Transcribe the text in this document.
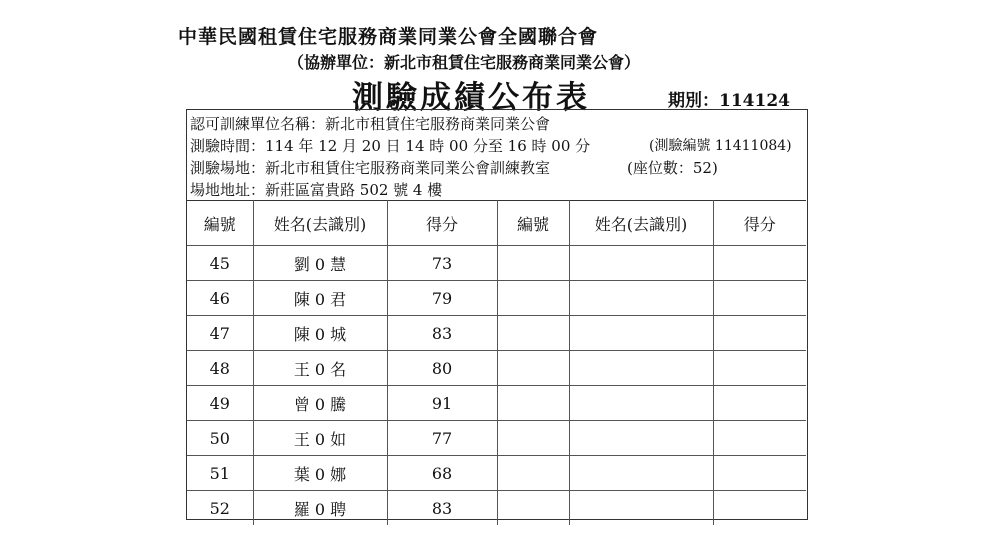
中華民國租賃住宅服務商業同業公會全國聯合會
（協辦單位：新北市租賃住宅服務商業同業公會）
測驗成績公布表	期別：114124
認可訓練單位名稱：新北市租賃住宅服務商業同業公會
測驗時間：114 年 12 月 20 日 14 時 00 分至 16 時 00 分	(測驗編號 11411084)
測驗場地：新北市租賃住宅服務商業同業公會訓練教室	(座位數：52)
場地地址：新莊區富貴路 502 號 4 樓
編號	姓名(去識別)	得分	編號	姓名(去識別)	得分
45	劉 0 慧	73			
46	陳 0 君	79			
47	陳 0 城	83			
48	王 0 名	80			
49	曾 0 騰	91			
50	王 0 如	77			
51	葉 0 娜	68			
52	羅 0 聘	83			
